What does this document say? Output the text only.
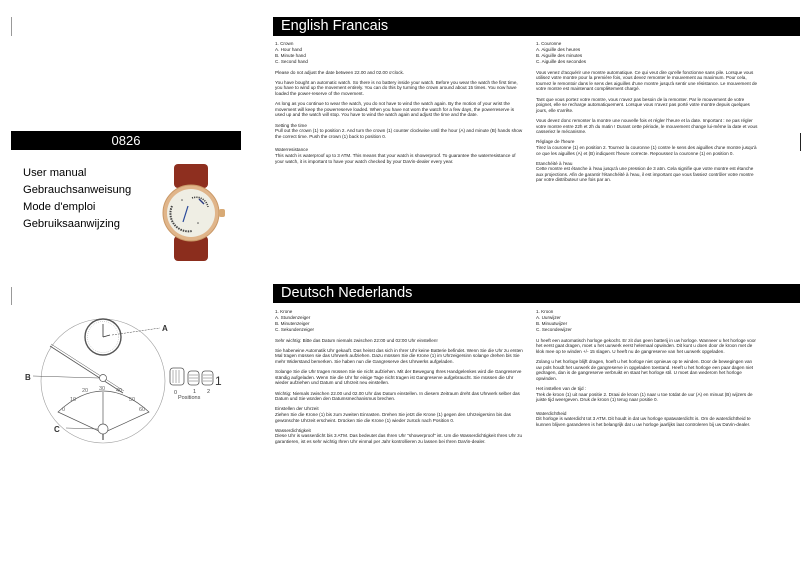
0826
User manual
Gebrauchsanweisung
Mode d'emploi
Gebruiksaanwijzing
A
B
C
0
10
20 30 40
50
60
1
0	1 2
Positions
English Francais
1. Crown
A. Hour hand
B. Minute hand
C. Second hand

Please do not adjust the date between 22.00 and 02.00 o'clock.

You have bought an automatic watch. So there is no battery inside your watch. Before you wear the watch the first time, you have to wind up the movement entirely. You can do this by turning the crown around about 15 times. You now have loaded the power-reserve of the movement.

As long as you continue to wear the watch, you do not have to wind the watch again. By the motion of your wrist the movement will keep the powerreserve loaded. When you have not worn the watch for a few days, the powerreserve is used up and the watch will stop. You have to wind the watch again and adjust the time and the date.

Setting the time

Pull out the crown (1) to position 2. And turn the crown (1) counter clockwise until the hour (A) and minute (B) hands show the correct time. Push the crown (1) back to position 0.

Waterresistance

This watch is waterproof up to 3 ATM. This means that your watch is showerproof. To guarantee the waterresistance of your watch, it is important to have your watch checked by your DaVin-dealer every year.

1. Couronne
A. Aiguille des heures
B. Aiguille des minutes
C. Aiguille des secondes

Vous venez d'acquérir une montre automatique. Ce qui veut dire qu'elle fonctionne sans pile. Lorsque vous utilisez votre montre pour la première fois, vous devez remonter le mouvement au maximum. Pour cela, tournez le remontoir dans le sens des aiguilles d'une montre jusqu'à sentir une résistance. Le mouvement de votre montre est maintenant complètement chargé.

Tant que vous portez votre montre, vous n'avez pas besoin de la remonter. Par le mouvement de votre poignet, elle se recharge automatiquement. Lorsque vous n'avez pas porté votre montre depuis quelques jours, elle s'arrête.

Vous devez donc remonter la montre une nouvelle fois et régler l'heure et la date. Important : ne pas régler votre montre entre 22h et 2h du matin ! Durant cette période, le mouvement change lui-même la date et vous casseriez le mécanisme.

Réglage de l'heure

Tirez la couronne (1) en position 2. Tournez la couronne (1) contre le sens des aiguilles d'une montre jusqu'à ce que les aiguilles (A) et (B) indiquent l'heure correcte. Repoussez la couronne (1) en position 0.

Etanchéité à l'eau

Cette montre est étanche à l'eau jusqu'à une pression de 3 atm. Cela signifie que votre montre est étanche aux projections. Afin de garantir l'étanchéité à l'eau, il est important que vous fassiez contrôler votre montre par votre distributeur une fois par an.

Deutsch Nederlands
1. Krone
A. Stundenzeiger
B. Minutenzeiger
C. Sekundenzeiger

Sehr wichtig: Bitte das Datum niemals zwischen 22:00 und 02:00 Uhr einstellen!

Sie habeneine Automatik Uhr gekauft. Das heisst das sich in Ihrer Uhr keine Batterie befindet. Wenn Sie die Uhr zu ersten Mal tragen müssen sie das Uhrwerk aufziehen. Dazu müssen Sie die Krone (1) im Uhrzeigersinn solange drehen bis Sie mehr Widerstand bemerken. Sie haben nun die Gangreserve des Uhrwerks aufgeladen.

Solange Sie die Uhr tragen müssen Sie sie nicht aufziehen. Mit der Bewegung Ihres Handgelenkes wird die Gangreserve ständig aufgeladen. Wenn Sie die Uhr für einige Tage nicht tragen ist Gangreserve aufgebraucht. Sie müssen die Uhr wieder aufziehen und Datum und Uhrzeit neu einstellen.

Wichtig: Niemals zwischen 22.00 und 02.00 Uhr das Datum einstellen. In diesem Zeitraum dreht das Uhrwerk selber das Datum und Sie würden den Datumsmechanismus brechen.

Einstellen der Uhrzeit

Ziehen Sie die Krone (1) bis zum zweiten Einrasten. Drehen Sie jetzt die Krone (1) gegen den Uhrzeigersinn bis das gewünschte Uhrzeit erscheint. Drücken Sie die Krone (1) wieder zurück nach Position 0.

Wasserdichtigkeit

Diese Uhr is wasserdicht bis 3 ATM. Das bedeutet das Ihren Uhr "showerproof" ist. Um die Wasserdichtigkeit Ihres Uhr zu garantieren, ist es sehr wichtig Ihren Uhr einmal per Jahr kontrollieren zu lassen bei Ihren DaVin-dealer.

1. Kroon
A. Uurwijzer
B. Minuutwijzer
C. Secondewijzer

U heeft een automatisch horloge gekocht. Er zit dus geen batterij in uw horloge. Wanneer u het horloge voor het eerst gaat dragen, moet u het uurwerk eerst helemaal opwinden. Dit kunt u doen door de kroon met de klok mee op te winden +/- 15 slagen. U heeft nu de gangreserve van het uurwerk opgeladen.

Zolang u het horloge blijft dragen, hoeft u het horloge niet opnieuw op te winden. Door de bewegingen van uw pols houdt het uurwerk de gangreserve in opgeladen toestand. Heeft u het horloge een paar dagen niet gedragen, dan is de gangreserve verbruikt en staat het horloge stil. U moet dan wederom het horloge opwinden.

Het instellen van de tijd :

Trek de kroon (1) uit naar positie 2. Draai de kroon (1) naar u toe totdat de uur (A) en minuut (B) wijzers de juiste tijd weergeven. Druk de kroon (1) terug naar positie 0.

Waterdichtheid

Dit horloge is waterdicht tot 3 ATM. Dit houdt in dat uw horloge spatwaterdicht is. Om de waterdichtheid te kunnen blijven garanderen is het belangrijk dat u uw horloge jaarlijks laat controleren bij uw DaVin-dealer.
